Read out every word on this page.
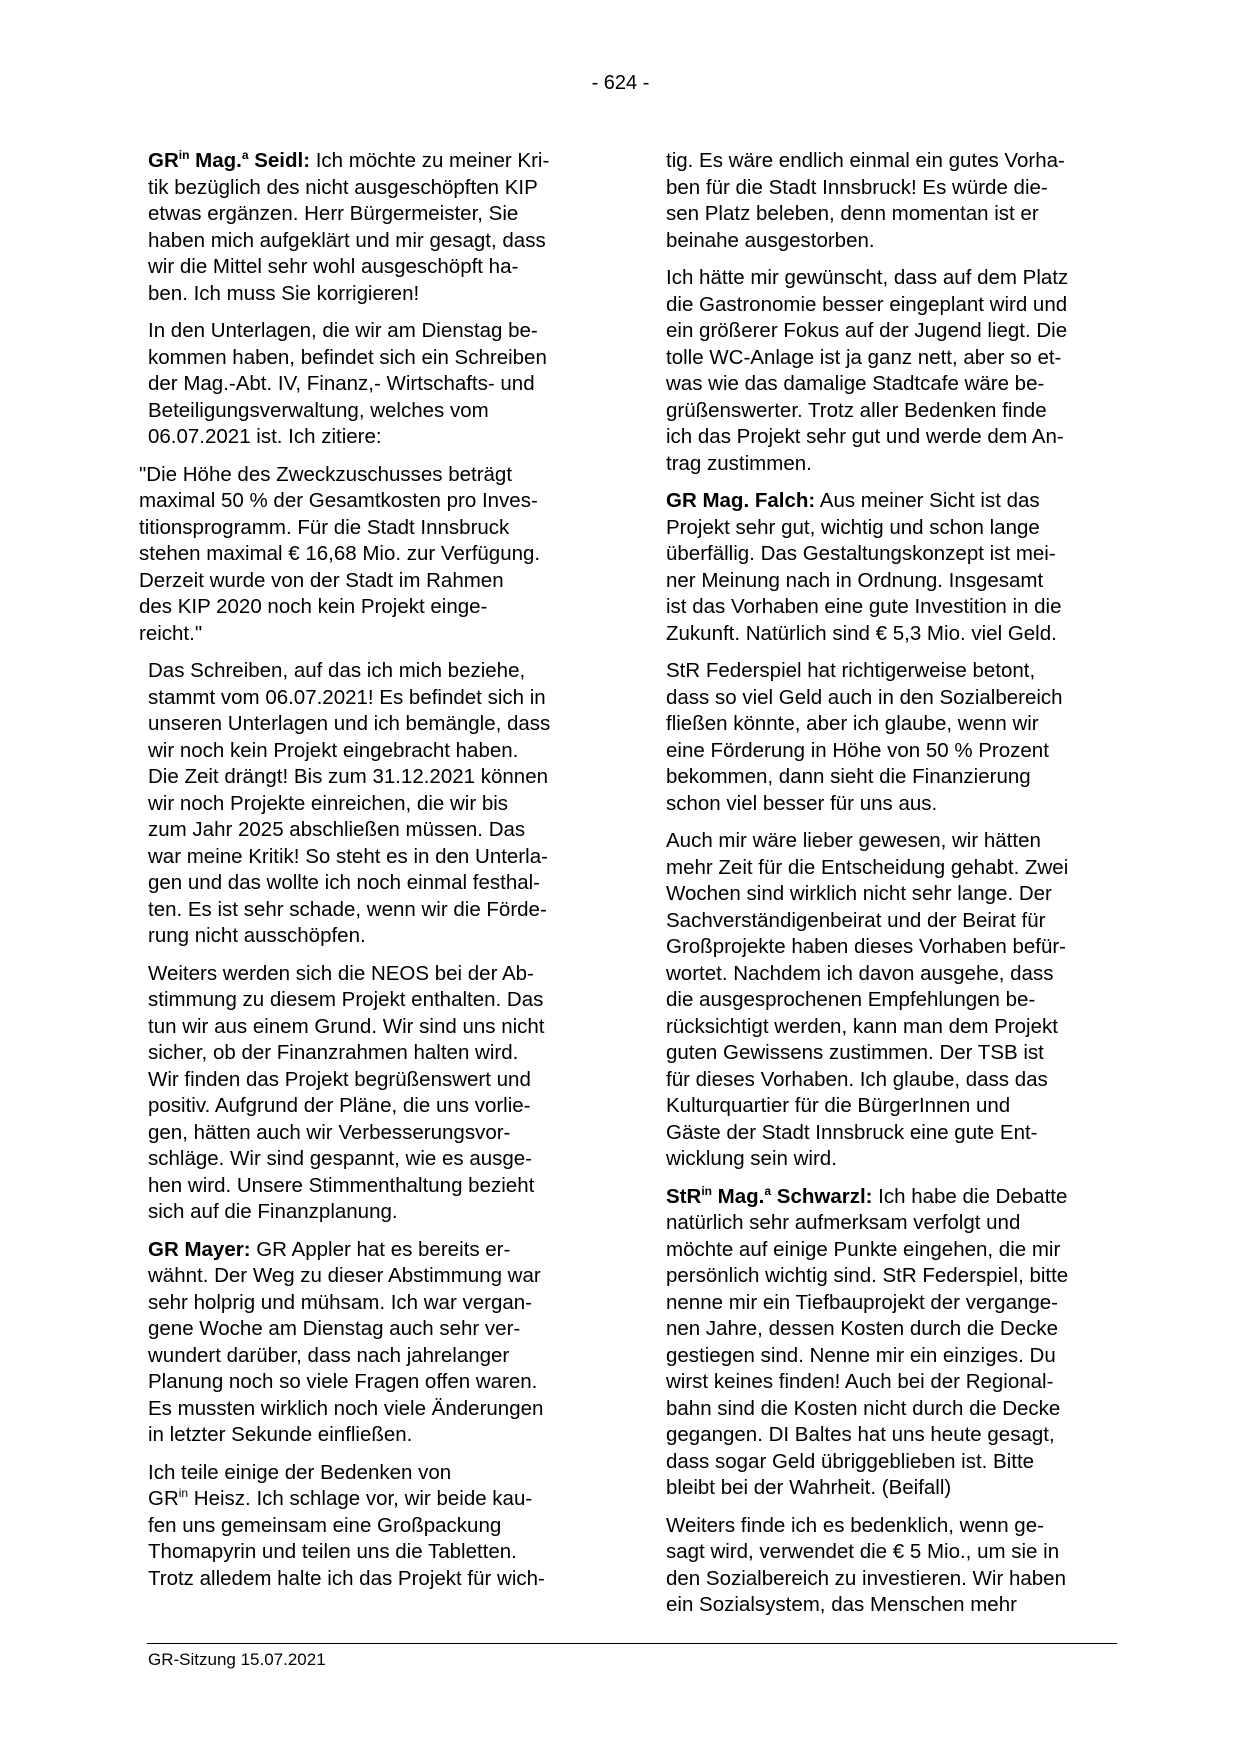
- 624 -

$GR^{in}$ Mag.$^a$ Seidl: Ich möchte zu meiner Kri-
tik bezüglich des nicht ausgeschöpften KIP
etwas ergänzen. Herr Bürgermeister, Sie
haben mich aufgeklärt und mir gesagt, dass
wir die Mittel sehr wohl ausgeschöpft ha-
ben. Ich muss Sie korrigieren!

In den Unterlagen, die wir am Dienstag be-
kommen haben, befindet sich ein Schreiben
der Mag.-Abt. IV, Finanz,- Wirtschafts- und
Beteiligungsverwaltung, welches vom
06.07.2021 ist. Ich zitiere:

"Die Höhe des Zweckzuschusses beträgt
maximal 50 % der Gesamtkosten pro Inves-
titionsprogramm. Für die Stadt Innsbruck
stehen maximal € 16,68 Mio. zur Verfügung.
Derzeit wurde von der Stadt im Rahmen
des KIP 2020 noch kein Projekt einge-
reicht."

Das Schreiben, auf das ich mich beziehe,
stammt vom 06.07.2021! Es befindet sich in
unseren Unterlagen und ich bemängle, dass
wir noch kein Projekt eingebracht haben.
Die Zeit drängt! Bis zum 31.12.2021 können
wir noch Projekte einreichen, die wir bis
zum Jahr 2025 abschließen müssen. Das
war meine Kritik! So steht es in den Unterla-
gen und das wollte ich noch einmal festhal-
ten. Es ist sehr schade, wenn wir die Förde-
rung nicht ausschöpfen.

Weiters werden sich die NEOS bei der Ab-
stimmung zu diesem Projekt enthalten. Das
tun wir aus einem Grund. Wir sind uns nicht
sicher, ob der Finanzrahmen halten wird.
Wir finden das Projekt begrüßenswert und
positiv. Aufgrund der Pläne, die uns vorlie-
gen, hätten auch wir Verbesserungsvor-
schläge. Wir sind gespannt, wie es ausge-
hen wird. Unsere Stimmenthaltung bezieht
sich auf die Finanzplanung.

GR Mayer: GR Appler hat es bereits er-
wähnt. Der Weg zu dieser Abstimmung war
sehr holprig und mühsam. Ich war vergan-
gene Woche am Dienstag auch sehr ver-
wundert darüber, dass nach jahrelanger
Planung noch so viele Fragen offen waren.
Es mussten wirklich noch viele Änderungen
in letzter Sekunde einfließen.

Ich teile einige der Bedenken von
$GR^{in}$ Heisz. Ich schlage vor, wir beide kau-
fen uns gemeinsam eine Großpackung
Thomapyrin und teilen uns die Tabletten.
Trotz alledem halte ich das Projekt für wich-

tig. Es wäre endlich einmal ein gutes Vorha-
ben für die Stadt Innsbruck! Es würde die-
sen Platz beleben, denn momentan ist er
beinahe ausgestorben.

Ich hätte mir gewünscht, dass auf dem Platz
die Gastronomie besser eingeplant wird und
ein größerer Fokus auf der Jugend liegt. Die
tolle WC-Anlage ist ja ganz nett, aber so et-
was wie das damalige Stadtcafe wäre be-
grüßenswerter. Trotz aller Bedenken finde
ich das Projekt sehr gut und werde dem An-
trag zustimmen.

GR Mag. Falch: Aus meiner Sicht ist das
Projekt sehr gut, wichtig und schon lange
überfällig. Das Gestaltungskonzept ist mei-
ner Meinung nach in Ordnung. Insgesamt
ist das Vorhaben eine gute Investition in die
Zukunft. Natürlich sind € 5,3 Mio. viel Geld.

StR Federspiel hat richtigerweise betont,
dass so viel Geld auch in den Sozialbereich
fließen könnte, aber ich glaube, wenn wir
eine Förderung in Höhe von 50 % Prozent
bekommen, dann sieht die Finanzierung
schon viel besser für uns aus.

Auch mir wäre lieber gewesen, wir hätten
mehr Zeit für die Entscheidung gehabt. Zwei
Wochen sind wirklich nicht sehr lange. Der
Sachverständigenbeirat und der Beirat für
Großprojekte haben dieses Vorhaben befür-
wortet. Nachdem ich davon ausgehe, dass
die ausgesprochenen Empfehlungen be-
rücksichtigt werden, kann man dem Projekt
guten Gewissens zustimmen. Der TSB ist
für dieses Vorhaben. Ich glaube, dass das
Kulturquartier für die BürgerInnen und
Gäste der Stadt Innsbruck eine gute Ent-
wicklung sein wird.

StR$^{in}$ Mag.$^a$ Schwarzl: Ich habe die Debatte
natürlich sehr aufmerksam verfolgt und
möchte auf einige Punkte eingehen, die mir
persönlich wichtig sind. StR Federspiel, bitte
nenne mir ein Tiefbauprojekt der vergange-
nen Jahre, dessen Kosten durch die Decke
gestiegen sind. Nenne mir ein einziges. Du
wirst keines finden! Auch bei der Regional-
bahn sind die Kosten nicht durch die Decke
gegangen. DI Baltes hat uns heute gesagt,
dass sogar Geld übriggeblieben ist. Bitte
bleibt bei der Wahrheit. (Beifall)

Weiters finde ich es bedenklich, wenn ge-
sagt wird, verwendet die € 5 Mio., um sie in
den Sozialbereich zu investieren. Wir haben
ein Sozialsystem, das Menschen mehr

GR-Sitzung 15.07.2021
